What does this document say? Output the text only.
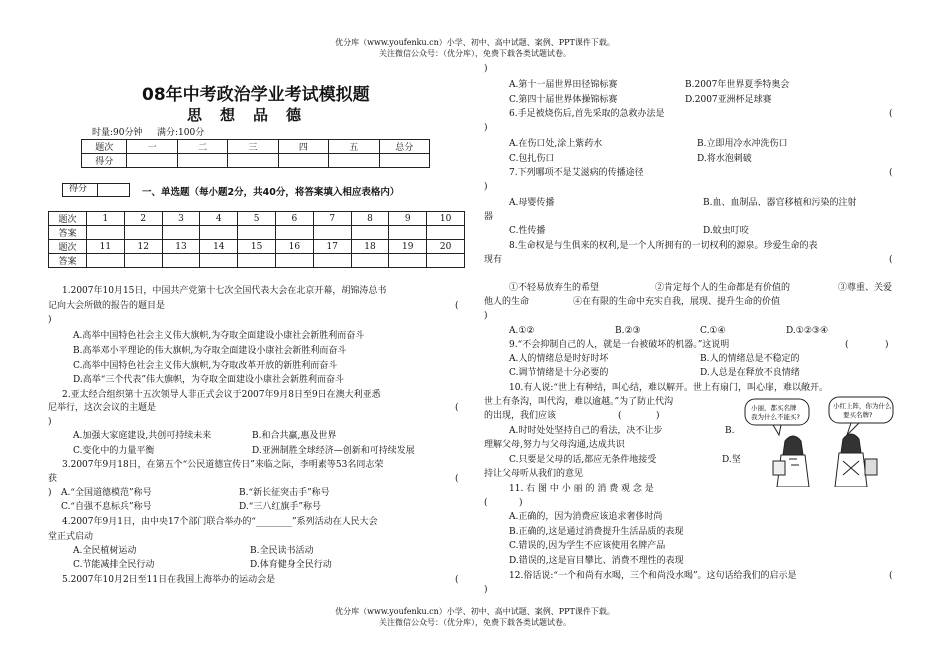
优分库（www.youfenku.cn）小学、初中、高中试题、案例、PPT课件下载。
关注微信公众号：（优分库），免费下载各类试题试卷。
优分库（www.youfenku.cn）小学、初中、高中试题、案例、PPT课件下载。
关注微信公众号：（优分库），免费下载各类试题试卷。
08年中考政治学业考试模拟题
思想品德
时量:90分钟 满分:100分
题次	一	二	三	四	五	总分
得分						
得分	一、单选题（每小题2分，共40分，将答案填入相应表格内）
题次	1	2	3	4	5	6	7	8	9	10
答案										
题次	11	12	13	14	15	16	17	18	19	20
答案										
1.2007年10月15日，中国共产党第十七次全国代表大会在北京开幕，胡锦涛总书
记向大会所做的报告的题目是	(
)
A.高举中国特色社会主义伟大旗帜,为夺取全面建设小康社会新胜利而奋斗
B.高举邓小平理论的伟大旗帜,为夺取全面建设小康社会新胜利而奋斗
C.高举中国特色社会主义伟大旗帜,为夺取改革开放的新胜利而奋斗
D.高举“三个代表”伟大旗帜，为夺取全面建设小康社会新胜利而奋斗
2.亚太经合组织第十五次领导人非正式会议于2007年9月8日至9日在澳大利亚悉
尼举行，这次会议的主题是	(
)
A.加强大家庭建设,共创可持续未来	B.和合共赢,惠及世界
C.变化中的力量平衡	D.亚洲制胜全球经济—创新和可持续发展
3.2007年9月18日，在第五个“公民道德宣传日”来临之际，李明素等53名同志荣
获	(
) A.“全国道德模范”称号	B.“新长征突击手”称号
C.“自强不息标兵”称号	D.“三八红旗手”称号
4.2007年9月1日，由中央17个部门联合举办的“________”系列活动在人民大会
堂正式启动
A.全民植树运动	B.全民读书活动
C.节能减排全民行动	D.体育健身全民行动
5.2007年10月2日至11日在我国上海举办的运动会是	(
)
A.第十一届世界田径锦标赛	B.2007年世界夏季特奥会
C.第四十届世界体操锦标赛	D.2007亚洲杯足球赛
6.手足被烧伤后,首先采取的急救办法是	(
)
A.在伤口处,涂上紫药水	B.立即用冷水冲洗伤口
C.包扎伤口	D.将水泡刺破
7.下列哪项不是艾滋病的传播途径	(
)
A.母婴传播	B.血、血制品、器官移植和污染的注射
器
C.性传播	D.蚊虫叮咬
8.生命权是与生俱来的权利,是一个人所拥有的一切权利的源泉。珍爱生命的表
现有	(
①不轻易放弃生的希望	②肯定每个人的生命都是有价值的	③尊重、关爱
他人的生命	④在有限的生命中充实自我，展现、提升生命的价值
)
A.①②	B.②③	C.①④	D.①②③④
9.“不会抑制自己的人，就是一台被破坏的机器。”这说明	(	)
A.人的情绪总是时好时坏	B.人的情绪总是不稳定的
C.调节情绪是十分必要的	D.人总是在释放不良情绪
10.有人说:“世上有种结，叫心结，难以解开。世上有扇门，叫心扉，难以敞开。
世上有条沟，叫代沟，难以逾越。”为了防止代沟
的出现，我们应该	(	)
A.时时处处坚持自己的看法，决不让步	B.
理解父母,努力与父母沟通,达成共识
C.只要是父母的话,都应无条件地接受	D.坚
持让父母听从我们的意见
11. 右 图 中 小 丽 的 消 费 观 念 是
(	)
A.正确的，因为消费应该追求奢侈时尚
B.正确的,这是通过消费提升生活品质的表现
C.错误的,因为学生不应该使用名牌产品
D.错误的,这是盲目攀比、消费不理性的表现
12.俗话说:“一个和尚有水喝，三个和尚没水喝”。这句话给我们的启示是	(
)
小丽，都买名牌
我为什么不能买?
小红上阵，你为什么
要买名牌?
